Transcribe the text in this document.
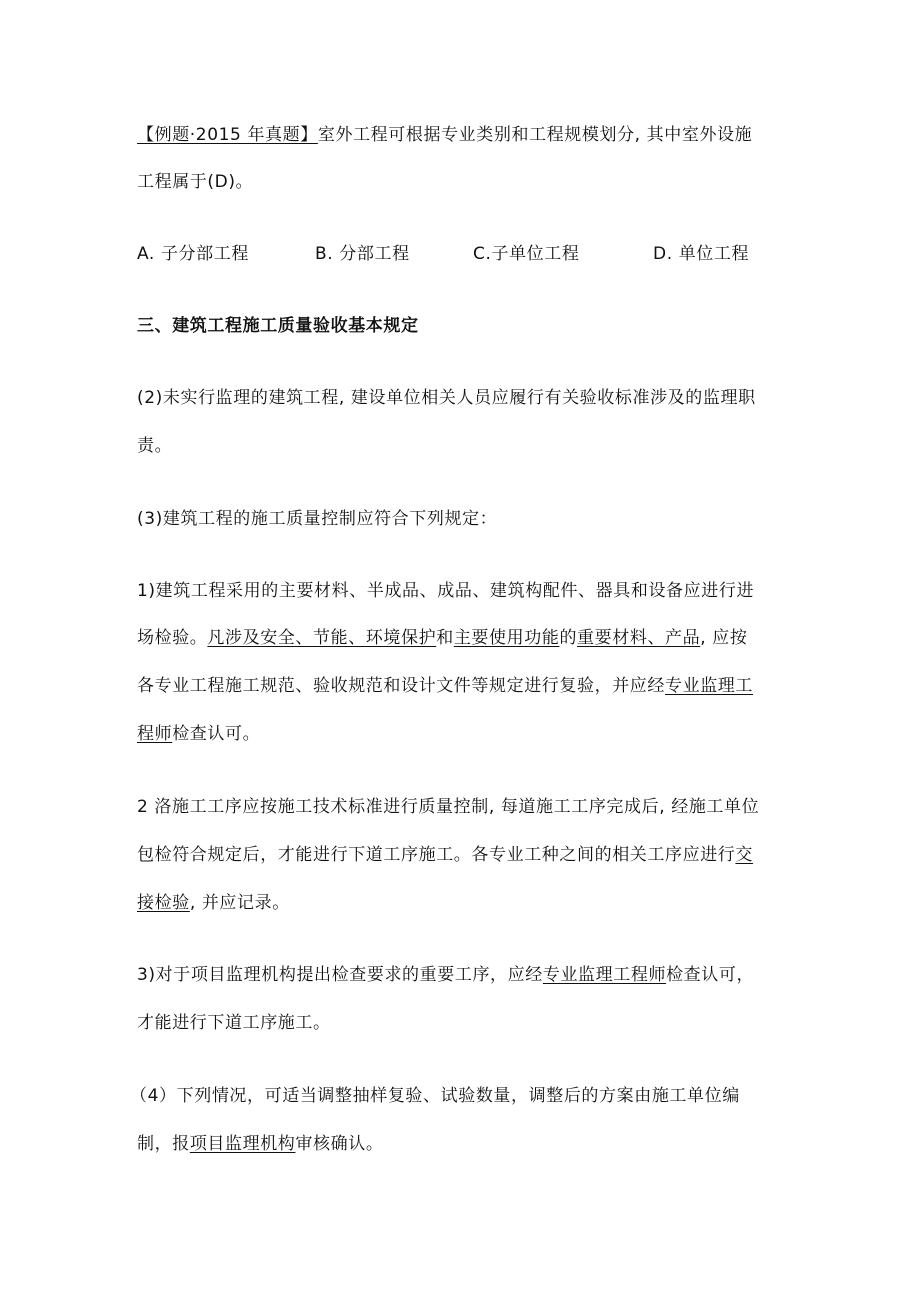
【例题·2015 年真题】室外工程可根据专业类别和工程规模划分, 其中室外设施
工程属于(D)。
A. 子分部工程	B. 分部工程	C.子单位工程	D. 单位工程
三、建筑工程施工质量验收基本规定
(2)未实行监理的建筑工程, 建设单位相关人员应履行有关验收标准涉及的监理职
责。
(3)建筑工程的施工质量控制应符合下列规定：
1)建筑工程采用的主要材料、半成品、成品、建筑构配件、器具和设备应进行进
场检验。凡涉及安全、节能、环境保护和主要使用功能的重要材料、产品, 应按
各专业工程施工规范、验收规范和设计文件等规定进行复验，并应经专业监理工
程师检查认可。
2 洛施工工序应按施工技术标准进行质量控制, 每道施工工序完成后, 经施工单位
包检符合规定后，才能进行下道工序施工。各专业工种之间的相关工序应进行交
接检验, 并应记录。
3)对于项目监理机构提出检查要求的重要工序，应经专业监理工程师检查认可，
才能进行下道工序施工。
（4）下列情况，可适当调整抽样复验、试验数量，调整后的方案由施工单位编
制，报项目监理机构审核确认。
